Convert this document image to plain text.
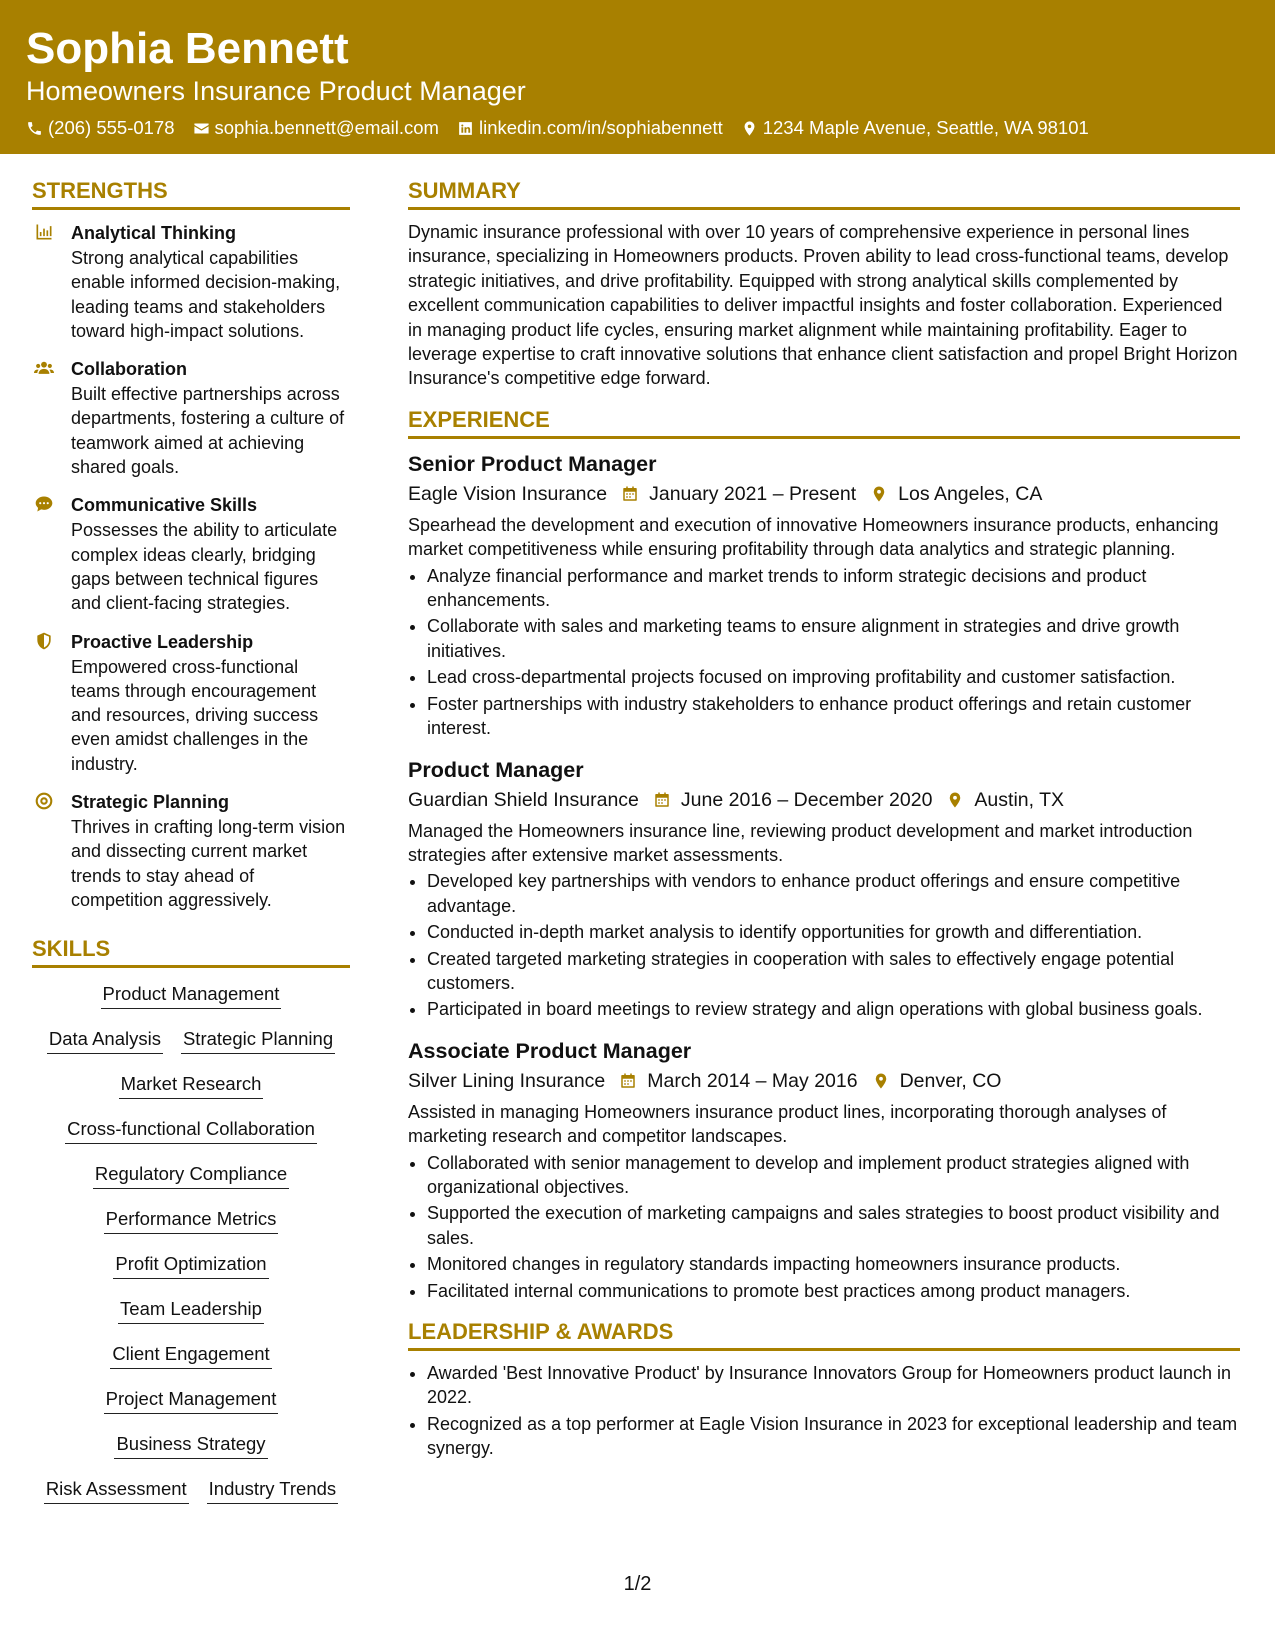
Sophia Bennett
Homeowners Insurance Product Manager
(206) 555-0178 sophia.bennett@email.com linkedin.com/in/sophiabennett 1234 Maple Avenue, Seattle, WA 98101
STRENGTHS
Analytical Thinking
Strong analytical capabilities enable informed decision-making, leading teams and stakeholders toward high-impact solutions.
Collaboration
Built effective partnerships across departments, fostering a culture of teamwork aimed at achieving shared goals.
Communicative Skills
Possesses the ability to articulate complex ideas clearly, bridging gaps between technical figures and client-facing strategies.
Proactive Leadership
Empowered cross-functional teams through encouragement and resources, driving success even amidst challenges in the industry.
Strategic Planning
Thrives in crafting long-term vision and dissecting current market trends to stay ahead of competition aggressively.
SKILLS
Product Management
Data Analysis Strategic Planning
Market Research
Cross-functional Collaboration
Regulatory Compliance
Performance Metrics
Profit Optimization
Team Leadership
Client Engagement
Project Management
Business Strategy
Risk Assessment Industry Trends
SUMMARY
Dynamic insurance professional with over 10 years of comprehensive experience in personal lines insurance, specializing in Homeowners products. Proven ability to lead cross-functional teams, develop strategic initiatives, and drive profitability. Equipped with strong analytical skills complemented by excellent communication capabilities to deliver impactful insights and foster collaboration. Experienced in managing product life cycles, ensuring market alignment while maintaining profitability. Eager to leverage expertise to craft innovative solutions that enhance client satisfaction and propel Bright Horizon Insurance's competitive edge forward.
EXPERIENCE
Senior Product Manager
Eagle Vision Insurance January 2021 – Present Los Angeles, CA
Spearhead the development and execution of innovative Homeowners insurance products, enhancing market competitiveness while ensuring profitability through data analytics and strategic planning.
• Analyze financial performance and market trends to inform strategic decisions and product enhancements.
• Collaborate with sales and marketing teams to ensure alignment in strategies and drive growth initiatives.
• Lead cross-departmental projects focused on improving profitability and customer satisfaction.
• Foster partnerships with industry stakeholders to enhance product offerings and retain customer interest.
Product Manager
Guardian Shield Insurance June 2016 – December 2020 Austin, TX
Managed the Homeowners insurance line, reviewing product development and market introduction strategies after extensive market assessments.
• Developed key partnerships with vendors to enhance product offerings and ensure competitive advantage.
• Conducted in-depth market analysis to identify opportunities for growth and differentiation.
• Created targeted marketing strategies in cooperation with sales to effectively engage potential customers.
• Participated in board meetings to review strategy and align operations with global business goals.
Associate Product Manager
Silver Lining Insurance March 2014 – May 2016 Denver, CO
Assisted in managing Homeowners insurance product lines, incorporating thorough analyses of marketing research and competitor landscapes.
• Collaborated with senior management to develop and implement product strategies aligned with organizational objectives.
• Supported the execution of marketing campaigns and sales strategies to boost product visibility and sales.
• Monitored changes in regulatory standards impacting homeowners insurance products.
• Facilitated internal communications to promote best practices among product managers.
LEADERSHIP & AWARDS
• Awarded 'Best Innovative Product' by Insurance Innovators Group for Homeowners product launch in 2022.
• Recognized as a top performer at Eagle Vision Insurance in 2023 for exceptional leadership and team synergy.
1/2
